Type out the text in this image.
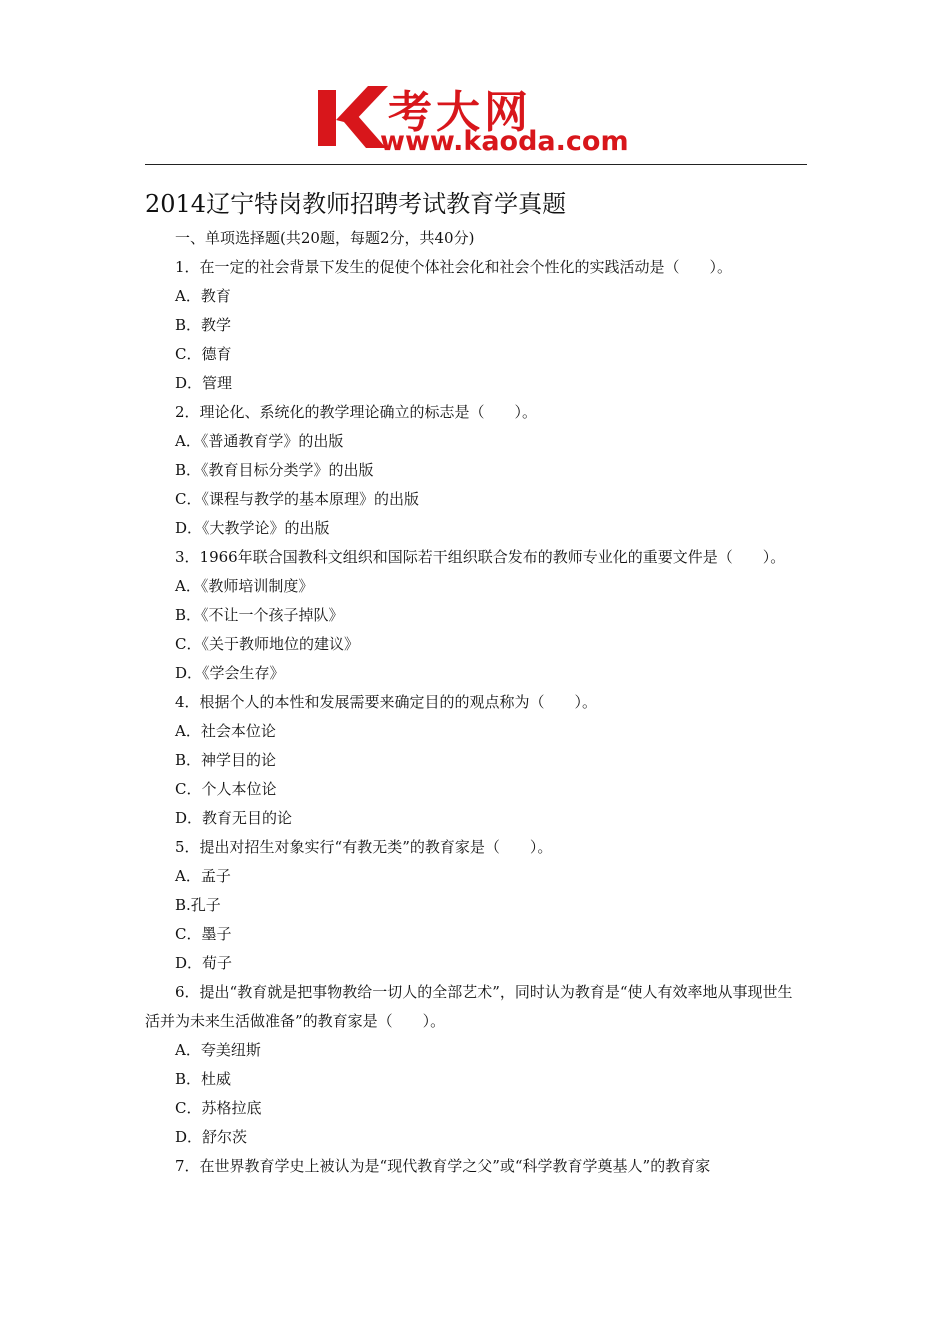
考大网
www.kaoda.com
2014辽宁特岗教师招聘考试教育学真题
一、单项选择题(共20题，每题2分，共40分)

1．在一定的社会背景下发生的促使个体社会化和社会个性化的实践活动是（　　）。

A．教育

B．教学

C．德育

D．管理

2．理论化、系统化的教学理论确立的标志是（　　）。

A．《普通教育学》的出版

B．《教育目标分类学》的出版

C．《课程与教学的基本原理》的出版

D．《大教学论》的出版

3．1966年联合国教科文组织和国际若干组织联合发布的教师专业化的重要文件是（　　）。

A．《教师培训制度》

B．《不让一个孩子掉队》

C．《关于教师地位的建议》

D．《学会生存》

4．根据个人的本性和发展需要来确定目的的观点称为（　　）。

A．社会本位论

B．神学目的论

C．个人本位论

D．教育无目的论

5．提出对招生对象实行“有教无类”的教育家是（　　）。

A．孟子

B.孔子

C．墨子

D．荀子

6．提出“教育就是把事物教给一切人的全部艺术”，同时认为教育是“使人有效率地从事现世生活并为未来生活做准备”的教育家是（　　）。

A．夸美纽斯

B．杜威

C．苏格拉底

D．舒尔茨

7．在世界教育学史上被认为是“现代教育学之父”或“科学教育学奠基人”的教育家
